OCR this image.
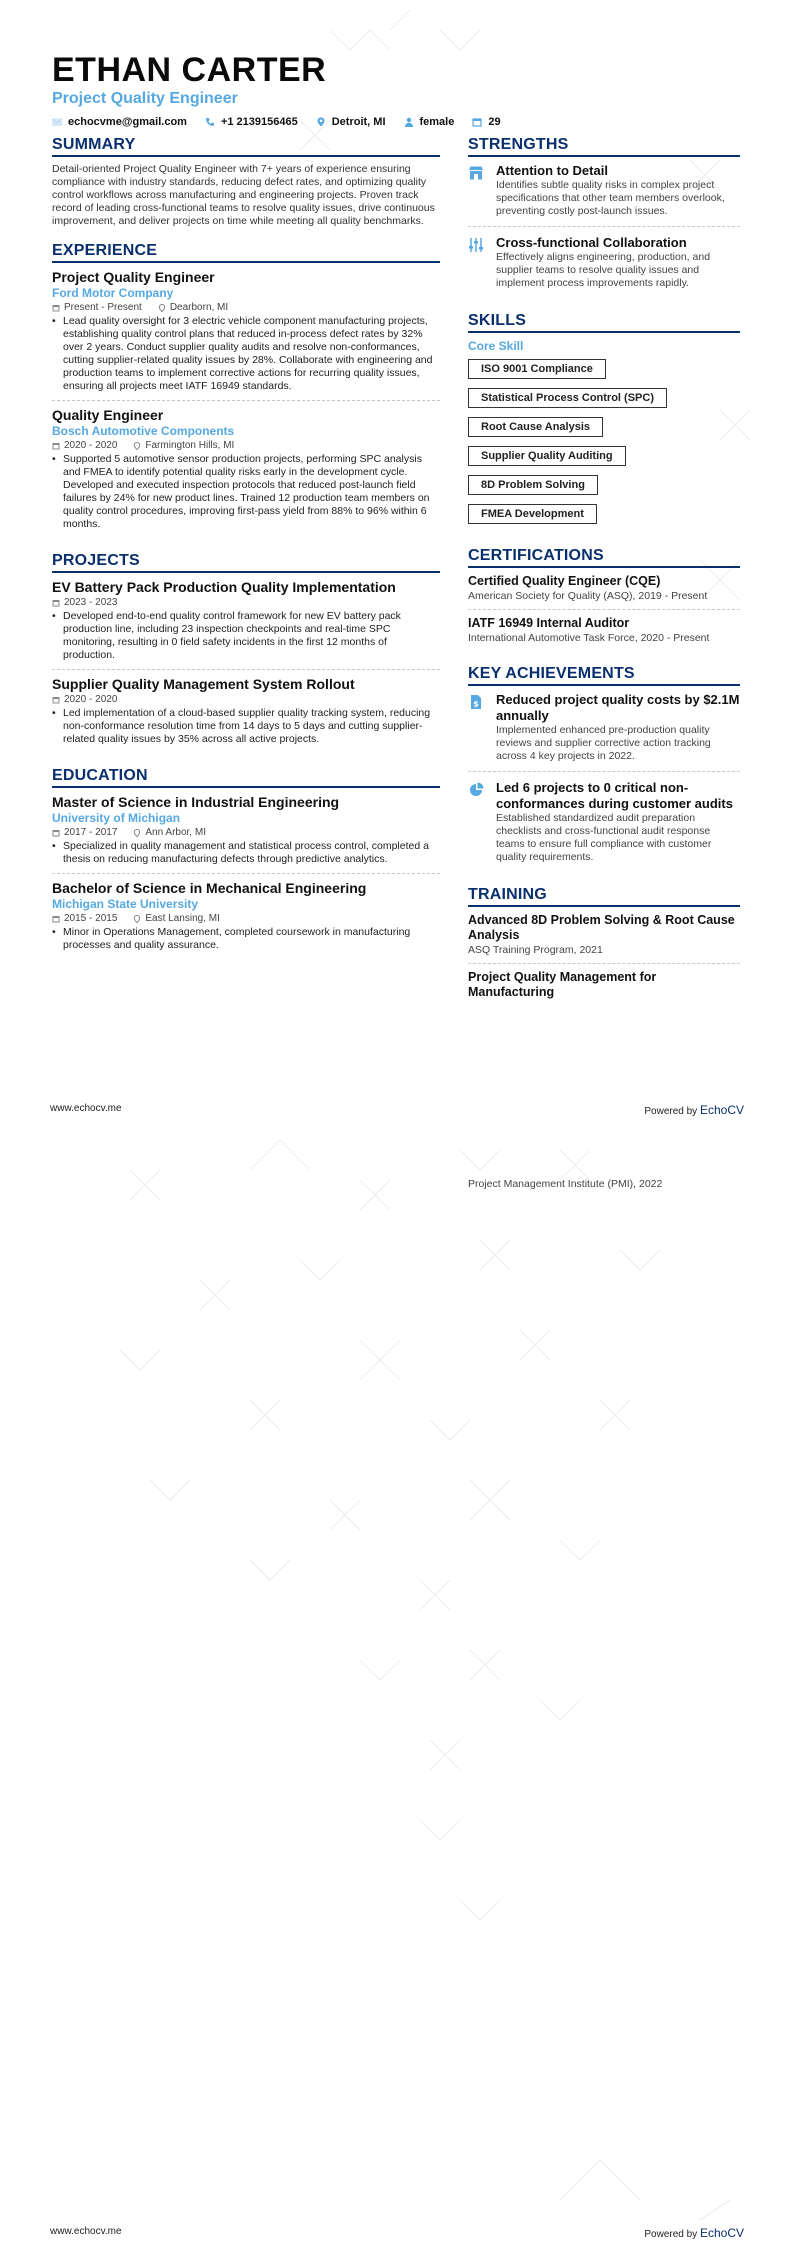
ETHAN CARTER
Project Quality Engineer
echocvme@gmail.com	+1 2139156465	Detroit, MI	female	29
SUMMARY
Detail-oriented Project Quality Engineer with 7+ years of experience ensuring compliance with industry standards, reducing defect rates, and optimizing quality control workflows across manufacturing and engineering projects. Proven track record of leading cross-functional teams to resolve quality issues, drive continuous improvement, and deliver projects on time while meeting all quality benchmarks.
EXPERIENCE
Project Quality Engineer
Ford Motor Company
Present - Present	Dearborn, MI
• Lead quality oversight for 3 electric vehicle component manufacturing projects, establishing quality control plans that reduced in-process defect rates by 32% over 2 years. Conduct supplier quality audits and resolve non-conformances, cutting supplier-related quality issues by 28%. Collaborate with engineering and production teams to implement corrective actions for recurring quality issues, ensuring all projects meet IATF 16949 standards.
Quality Engineer
Bosch Automotive Components
2020 - 2020	Farmington Hills, MI
• Supported 5 automotive sensor production projects, performing SPC analysis and FMEA to identify potential quality risks early in the development cycle. Developed and executed inspection protocols that reduced post-launch field failures by 24% for new product lines. Trained 12 production team members on quality control procedures, improving first-pass yield from 88% to 96% within 6 months.
PROJECTS
EV Battery Pack Production Quality Implementation
2023 - 2023
• Developed end-to-end quality control framework for new EV battery pack production line, including 23 inspection checkpoints and real-time SPC monitoring, resulting in 0 field safety incidents in the first 12 months of production.
Supplier Quality Management System Rollout
2020 - 2020
• Led implementation of a cloud-based supplier quality tracking system, reducing non-conformance resolution time from 14 days to 5 days and cutting supplier-related quality issues by 35% across all active projects.
EDUCATION
Master of Science in Industrial Engineering
University of Michigan
2017 - 2017	Ann Arbor, MI
• Specialized in quality management and statistical process control, completed a thesis on reducing manufacturing defects through predictive analytics.
Bachelor of Science in Mechanical Engineering
Michigan State University
2015 - 2015	East Lansing, MI
• Minor in Operations Management, completed coursework in manufacturing processes and quality assurance.
STRENGTHS
Attention to Detail
Identifies subtle quality risks in complex project specifications that other team members overlook, preventing costly post-launch issues.
Cross-functional Collaboration
Effectively aligns engineering, production, and supplier teams to resolve quality issues and implement process improvements rapidly.
SKILLS
Core Skill
ISO 9001 Compliance
Statistical Process Control (SPC)
Root Cause Analysis
Supplier Quality Auditing
8D Problem Solving
FMEA Development
CERTIFICATIONS
Certified Quality Engineer (CQE)
American Society for Quality (ASQ), 2019 - Present
IATF 16949 Internal Auditor
International Automotive Task Force, 2020 - Present
KEY ACHIEVEMENTS
$ Reduced project quality costs by $2.1M annually
Implemented enhanced pre-production quality reviews and supplier corrective action tracking across 4 key projects in 2022.
Led 6 projects to 0 critical non-conformances during customer audits
Established standardized audit preparation checklists and cross-functional audit response teams to ensure full compliance with customer quality requirements.
TRAINING
Advanced 8D Problem Solving & Root Cause Analysis
ASQ Training Program, 2021
Project Quality Management for Manufacturing
www.echocv.me	Powered by EchoCV
Project Management Institute (PMI), 2022
www.echocv.me	Powered by EchoCV
